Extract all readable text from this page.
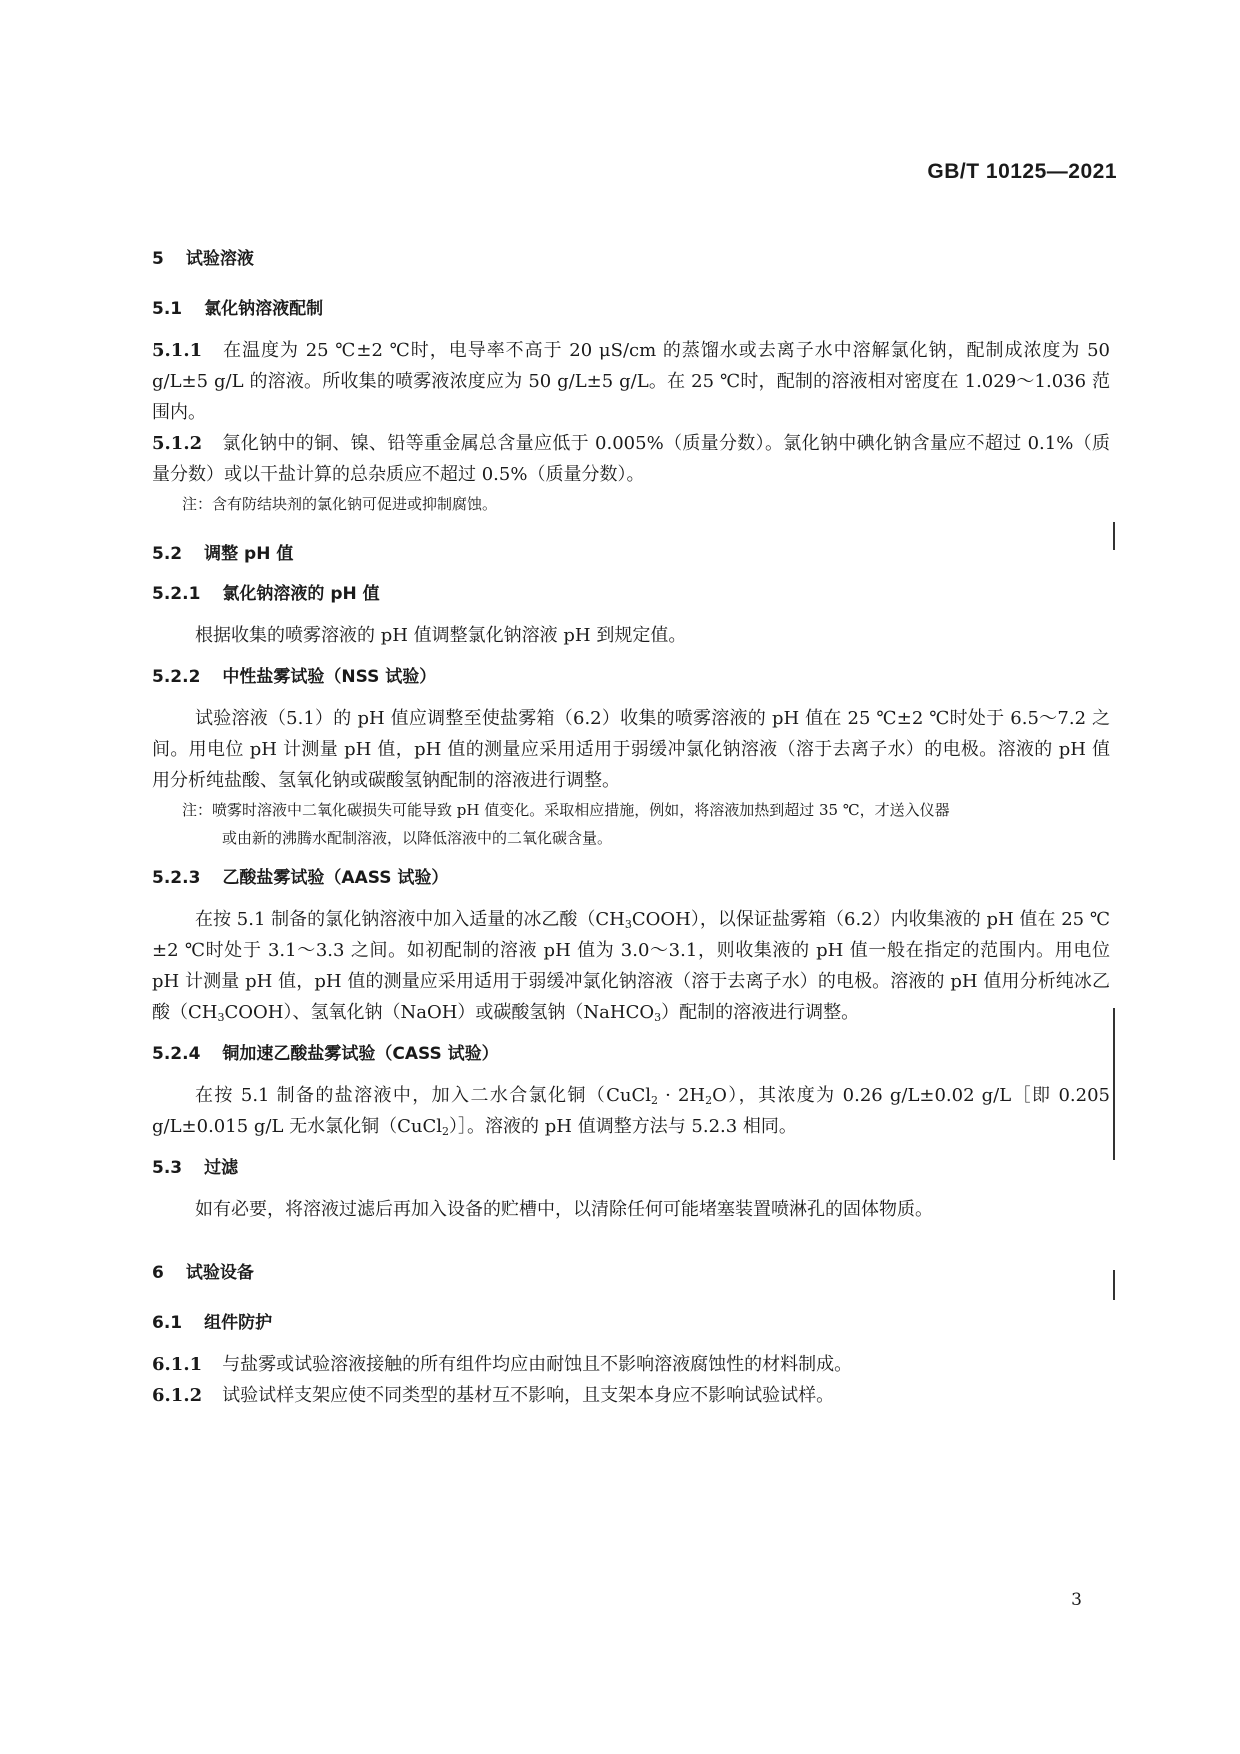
GB/T 10125—2021
5 试验溶液
5.1 氯化钠溶液配制

5.1.1 在温度为 25 ℃±2 ℃时，电导率不高于 20 μS/cm 的蒸馏水或去离子水中溶解氯化钠，配制成浓度为 50 g/L±5 g/L 的溶液。所收集的喷雾液浓度应为 50 g/L±5 g/L。在 25 ℃时，配制的溶液相对密度在 1.029～1.036 范围内。

5.1.2 氯化钠中的铜、镍、铅等重金属总含量应低于 0.005%（质量分数）。氯化钠中碘化钠含量应不超过 0.1%（质量分数）或以干盐计算的总杂质应不超过 0.5%（质量分数）。

注：含有防结块剂的氯化钠可促进或抑制腐蚀。

5.2 调整 pH 值
5.2.1 氯化钠溶液的 pH 值

根据收集的喷雾溶液的 pH 值调整氯化钠溶液 pH 到规定值。

5.2.2 中性盐雾试验（NSS 试验）

试验溶液（5.1）的 pH 值应调整至使盐雾箱（6.2）收集的喷雾溶液的 pH 值在 25 ℃±2 ℃时处于 6.5～7.2 之间。用电位 pH 计测量 pH 值，pH 值的测量应采用适用于弱缓冲氯化钠溶液（溶于去离子水）的电极。溶液的 pH 值用分析纯盐酸、氢氧化钠或碳酸氢钠配制的溶液进行调整。

注：喷雾时溶液中二氧化碳损失可能导致 pH 值变化。采取相应措施，例如，将溶液加热到超过 35 ℃，才送入仪器
或由新的沸腾水配制溶液，以降低溶液中的二氧化碳含量。

5.2.3 乙酸盐雾试验（AASS 试验）

在按 5.1 制备的氯化钠溶液中加入适量的冰乙酸$(CH_3COOH)$，以保证盐雾箱（6.2）内收集液的 pH 值在 25 ℃±2 ℃时处于 3.1～3.3 之间。如初配制的溶液 pH 值为 3.0～3.1，则收集液的 pH 值一般在指定的范围内。用电位 pH 计测量 pH 值，pH 值的测量应采用适用于弱缓冲氯化钠溶液（溶于去离子水）的电极。溶液的 pH 值用分析纯冰乙酸$(CH_3COOH)$、氢氧化钠（NaOH）或碳酸氢钠（NaHCO$_3$）配制的溶液进行调整。

5.2.4 铜加速乙酸盐雾试验（CASS 试验）

在按 5.1 制备的盐溶液中，加入二水合氯化铜（CuCl$_2$ · $2H_2O$），其浓度为 0.26 g/L±0.02 g/L［即 0.205 g/L±0.015 g/L 无水氯化铜（CuCl$_2$）］。溶液的 pH 值调整方法与 5.2.3 相同。

5.3 过滤

如有必要，将溶液过滤后再加入设备的贮槽中，以清除任何可能堵塞装置喷淋孔的固体物质。

6 试验设备
6.1 组件防护

6.1.1 与盐雾或试验溶液接触的所有组件均应由耐蚀且不影响溶液腐蚀性的材料制成。

6.1.2 试验试样支架应使不同类型的基材互不影响，且支架本身应不影响试验试样。

3
